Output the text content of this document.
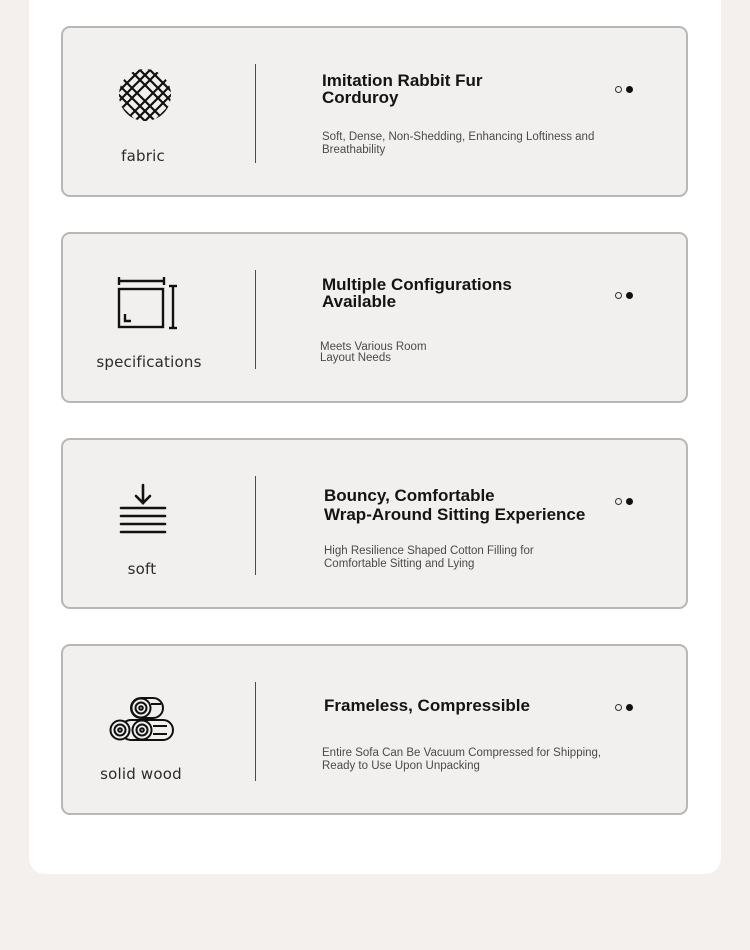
fabric
Imitation Rabbit Fur
Corduroy
Soft, Dense, Non-Shedding, Enhancing Loftiness and
Breathability
specifications
Multiple Configurations
Available
Meets Various Room
Layout Needs
soft
Bouncy, Comfortable
Wrap-Around Sitting Experience
High Resilience Shaped Cotton Filling for
Comfortable Sitting and Lying
solid wood
Frameless, Compressible
Entire Sofa Can Be Vacuum Compressed for Shipping,
Ready to Use Upon Unpacking
